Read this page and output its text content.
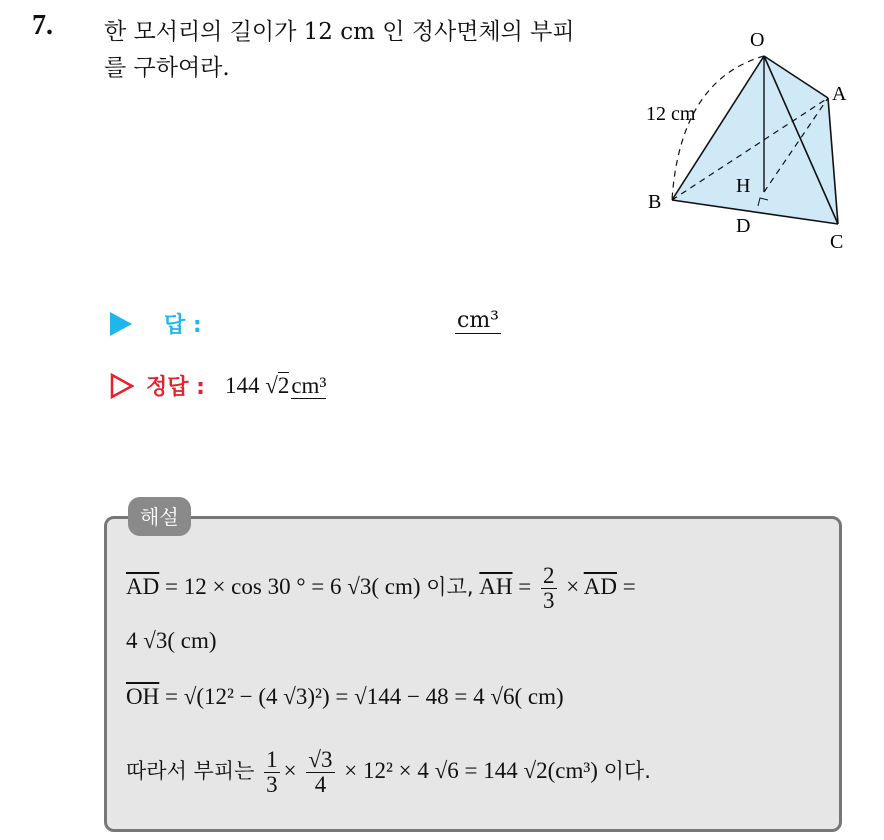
7. 한 모서리의 길이가 12 cm 인 정사면체의 부피
를 구하여라.
O
A
B
C
D
H
12 cm
답 :	cm³
정답 : 144 √2cm³
해설
$\overline{AD} = 12 \times \cos 30$ ° = 6 √3( cm) 이고, $\overline{AH} = \frac{2}{3} \times \overline{AD}$ =
4 √3( cm)
$\overline{OH} = √(12^2 - (4$ √3)²) = √144 − 48 = 4 √6( cm)
따라서 부피는 $\frac{1}{3} \times \frac{√3}{4} \times 12^2 \times 4$ √6 = 144 √2(cm³) 이다.
